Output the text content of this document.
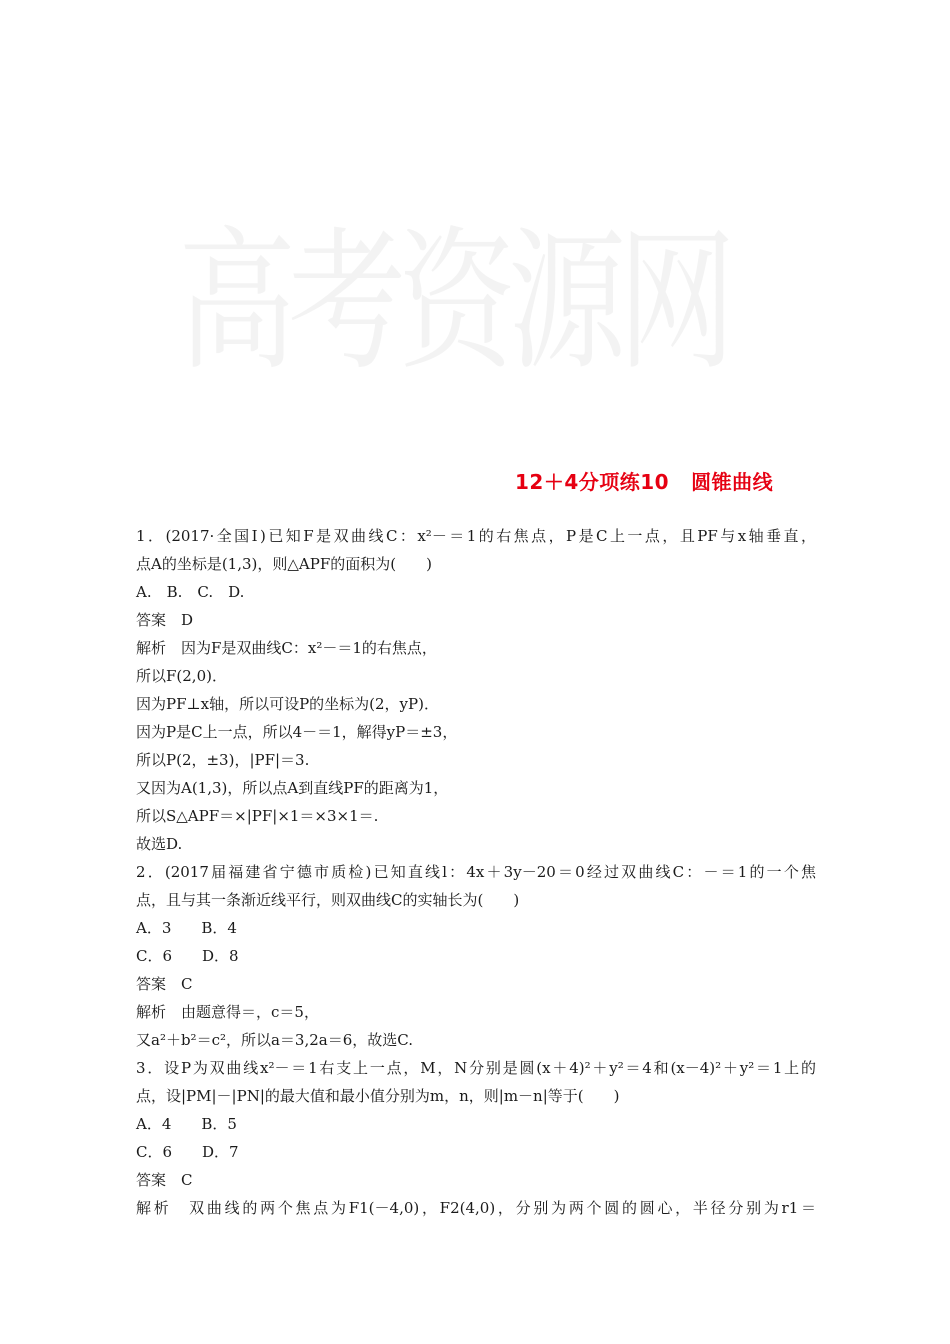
高考资源网
12＋4分项练10 圆锥曲线
1．(2017·全国Ⅰ)已知F是双曲线C：x²－＝1的右焦点，P是C上一点，且PF与x轴垂直，
点A的坐标是(1,3)，则△APF的面积为(　　)
A.　B.　C.　D.
答案　D
解析　因为F是双曲线C：x²－＝1的右焦点，
所以F(2,0)．
因为PF⊥x轴，所以可设P的坐标为(2，yP)．
因为P是C上一点，所以4－＝1，解得yP＝±3，
所以P(2，±3)，|PF|＝3.
又因为A(1,3)，所以点A到直线PF的距离为1，
所以S△APF＝×|PF|×1＝×3×1＝.
故选D.
2．(2017届福建省宁德市质检)已知直线l：4x＋3y－20＝0经过双曲线C：－＝1的一个焦
点，且与其一条渐近线平行，则双曲线C的实轴长为(　　)
A．3　　B．4
C．6　　D．8
答案　C
解析　由题意得＝，c＝5，
又a²＋b²＝c²，所以a＝3,2a＝6，故选C.
3．设P为双曲线x²－＝1右支上一点，M，N分别是圆(x＋4)²＋y²＝4和(x－4)²＋y²＝1上的
点，设|PM|－|PN|的最大值和最小值分别为m，n，则|m－n|等于(　　)
A．4　　B．5
C．6　　D．7
答案　C
解析　双曲线的两个焦点为F1(－4,0)，F2(4,0)，分别为两个圆的圆心，半径分别为r1＝
